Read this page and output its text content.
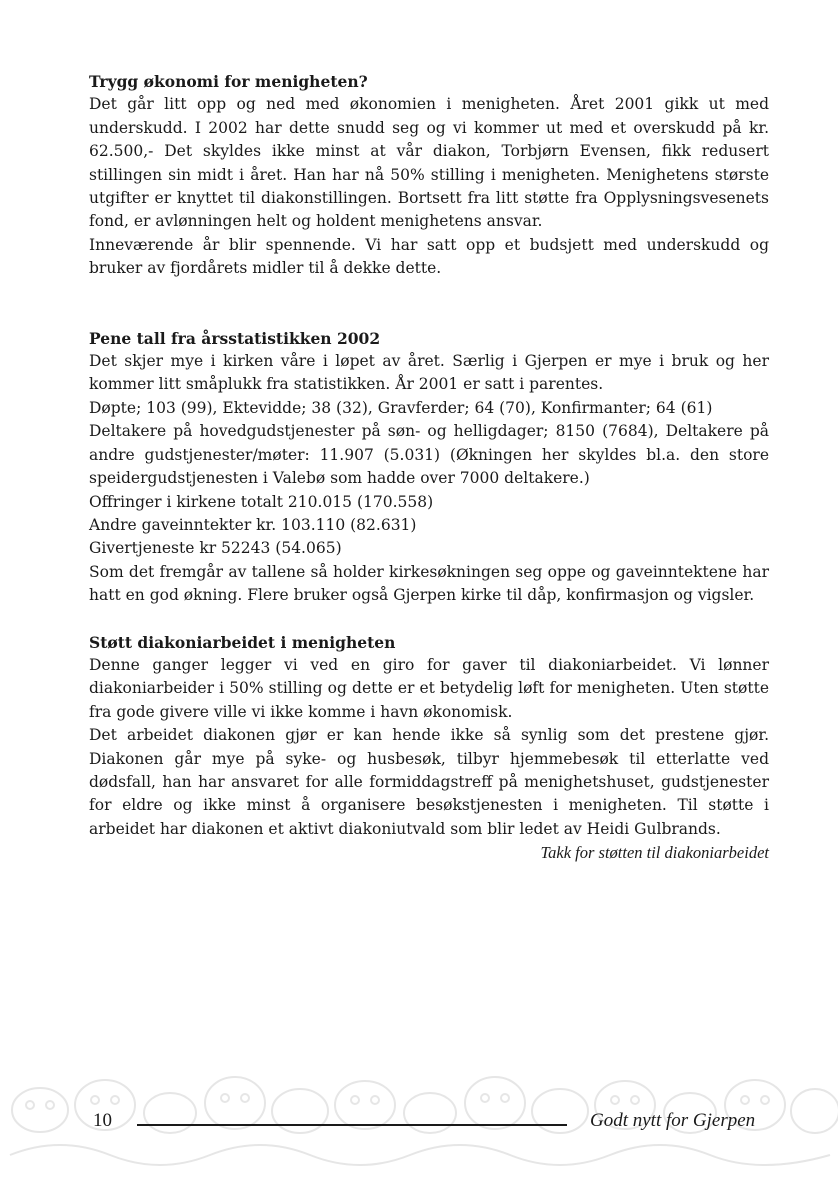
Trygg økonomi for menigheten?

Det går litt opp og ned med økonomien i menigheten. Året 2001 gikk ut med underskudd. I 2002 har dette snudd seg og vi kommer ut med et overskudd på kr. 62.500,- Det skyldes ikke minst at vår diakon, Torbjørn Evensen, fikk redusert stillingen sin midt i året. Han har nå 50% stilling i menigheten. Menighetens største utgifter er knyttet til diakonstillingen. Bortsett fra litt støtte fra Opplysningsvesenets fond, er avlønningen helt og holdent menighetens ansvar.

Inneværende år blir spennende. Vi har satt opp et budsjett med underskudd og bruker av fjordårets midler til å dekke dette.

Pene tall fra årsstatistikken 2002

Det skjer mye i kirken våre i løpet av året. Særlig i Gjerpen er mye i bruk og her kommer litt småplukk fra statistikken. År 2001 er satt i parentes.

Døpte; 103 (99), Ektevidde; 38 (32), Gravferder; 64 (70), Konfirmanter; 64 (61)

Deltakere på hovedgudstjenester på søn- og helligdager; 8150 (7684), Deltakere på andre gudstjenester/møter: 11.907 (5.031) (Økningen her skyldes bl.a. den store speidergudstjenesten i Valebø som hadde over 7000 deltakere.)

Offringer i kirkene totalt 210.015 (170.558)

Andre gaveinntekter kr. 103.110 (82.631)

Givertjeneste kr 52243 (54.065)

Som det fremgår av tallene så holder kirkesøkningen seg oppe og gaveinntektene har hatt en god økning. Flere bruker også Gjerpen kirke til dåp, konfirmasjon og vigsler.

Støtt diakoniarbeidet i menigheten

Denne ganger legger vi ved en giro for gaver til diakoniarbeidet. Vi lønner diakoniarbeider i 50% stilling og dette er et betydelig løft for menigheten. Uten støtte fra gode givere ville vi ikke komme i havn økonomisk.

Det arbeidet diakonen gjør er kan hende ikke så synlig som det prestene gjør. Diakonen går mye på syke- og husbesøk, tilbyr hjemmebesøk til etterlatte ved dødsfall, han har ansvaret for alle formiddagstreff på menighetshuset, gudstjenester for eldre og ikke minst å organisere besøkstjenesten i menigheten. Til støtte i arbeidet har diakonen et aktivt diakoniutvald som blir ledet av Heidi Gulbrands.

Takk for støtten til diakoniarbeidet
10	Godt nytt for Gjerpen
